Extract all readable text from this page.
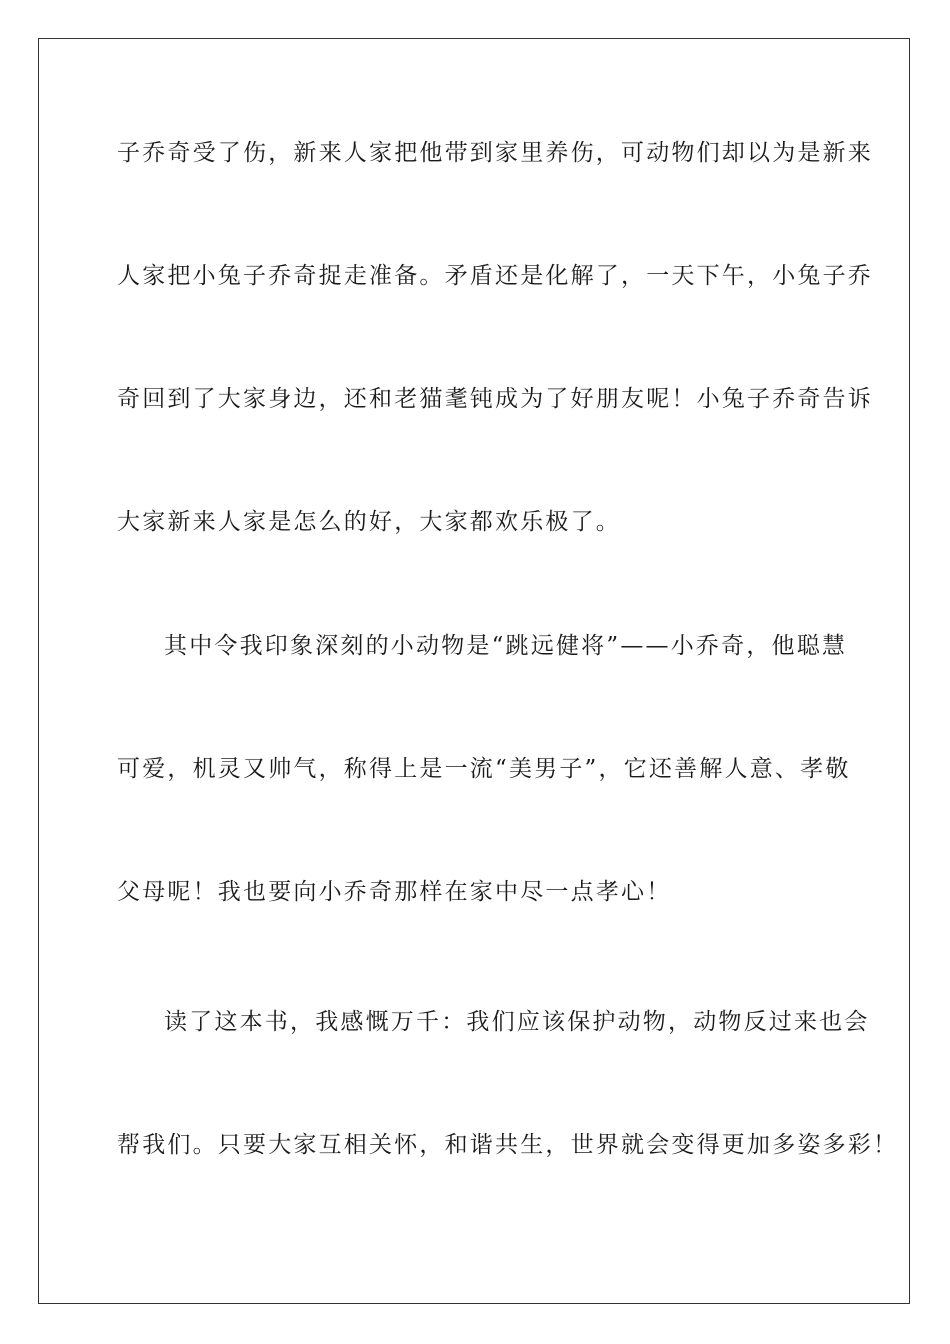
子乔奇受了伤，新来人家把他带到家里养伤，可动物们却以为是新来
人家把小兔子乔奇捉走准备。矛盾还是化解了，一天下午，小兔子乔
奇回到了大家身边，还和老猫耄钝成为了好朋友呢！小兔子乔奇告诉
大家新来人家是怎么的好，大家都欢乐极了。
其中令我印象深刻的小动物是“跳远健将”——小乔奇，他聪慧
可爱，机灵又帅气，称得上是一流“美男子”，它还善解人意、孝敬
父母呢！我也要向小乔奇那样在家中尽一点孝心！
读了这本书，我感慨万千：我们应该保护动物，动物反过来也会
帮我们。只要大家互相关怀，和谐共生，世界就会变得更加多姿多彩！
